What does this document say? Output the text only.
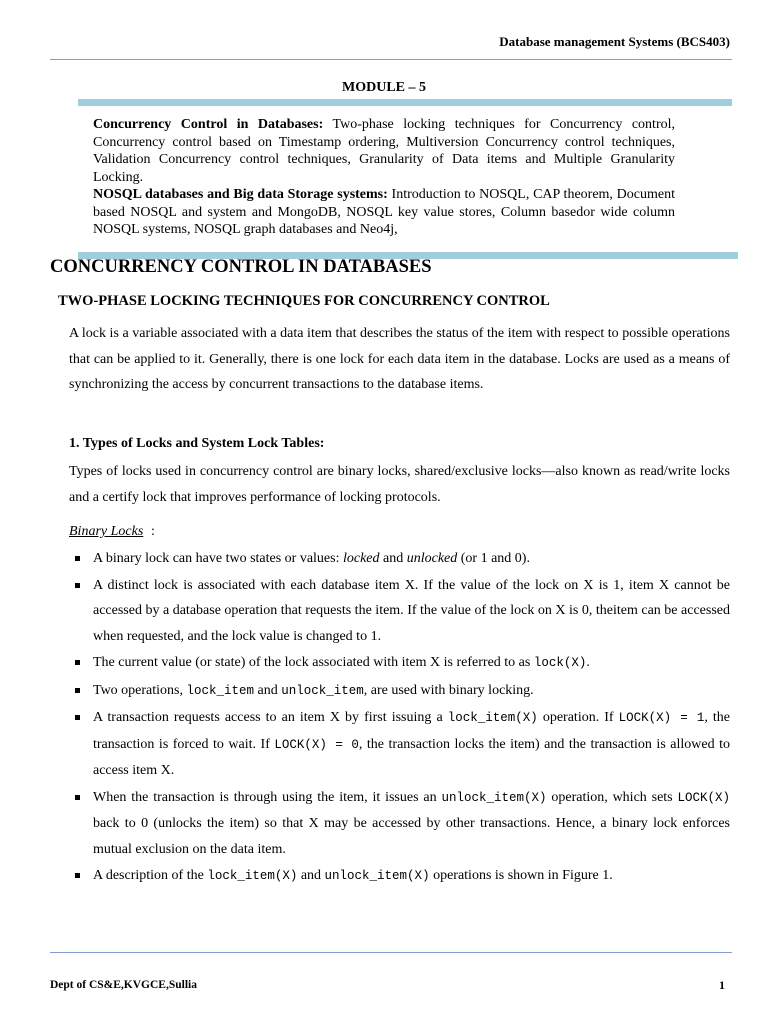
Database management Systems (BCS403)
MODULE – 5

Concurrency Control in Databases: Two-phase locking techniques for Concurrency control, Concurrency control based on Timestamp ordering, Multiversion Concurrency control techniques, Validation Concurrency control techniques, Granularity of Data items and Multiple Granularity Locking.

NOSQL databases and Big data Storage systems: Introduction to NOSQL, CAP theorem, Document based NOSQL and system and MongoDB, NOSQL key value stores, Column basedor wide column NOSQL systems, NOSQL graph databases and Neo4j,

CONCURRENCY CONTROL IN DATABASES
TWO-PHASE LOCKING TECHNIQUES FOR CONCURRENCY CONTROL
A lock is a variable associated with a data item that describes the status of the item with respect to possible operations that can be applied to it. Generally, there is one lock for each data item in the database. Locks are used as a means of synchronizing the access by concurrent transactions to the database items.
1. Types of Locks and System Lock Tables:
Types of locks used in concurrency control are binary locks, shared/exclusive locks—also known as read/write locks and a certify lock that improves performance of locking protocols.
Binary Locks :
A binary lock can have two states or values: locked and unlocked (or 1 and 0).
A distinct lock is associated with each database item X. If the value of the lock on X is 1, item X cannot be accessed by a database operation that requests the item. If the value of the lock on X is 0, theitem can be accessed when requested, and the lock value is changed to 1.
The current value (or state) of the lock associated with item X is referred to as lock(X).
Two operations, lock_item and unlock_item, are used with binary locking.
A transaction requests access to an item X by first issuing a lock_item(X) operation. If LOCK(X) = 1, the transaction is forced to wait. If LOCK(X) = 0, the transaction locks the item) and the transaction is allowed to access item X.
When the transaction is through using the item, it issues an unlock_item(X) operation, which sets LOCK(X) back to 0 (unlocks the item) so that X may be accessed by other transactions. Hence, a binary lock enforces mutual exclusion on the data item.
A description of the lock_item(X) and unlock_item(X) operations is shown in Figure 1.
Dept of CS&E,KVGCE,Sullia	1
